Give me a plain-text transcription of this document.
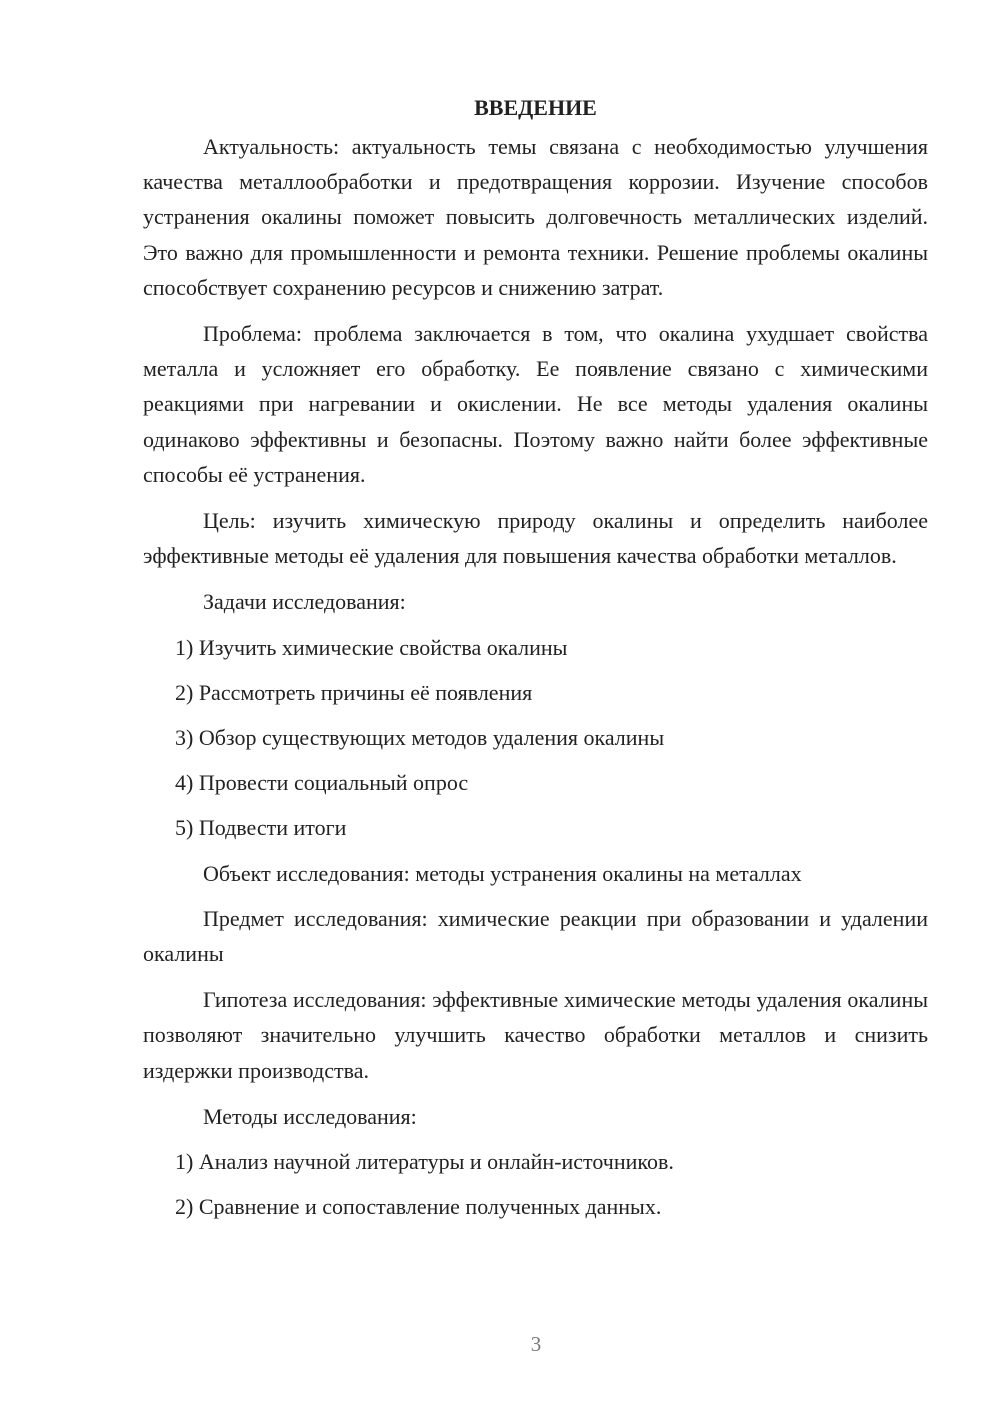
ВВЕДЕНИЕ

Актуальность: актуальность темы связана с необходимостью улучшения качества металлообработки и предотвращения коррозии. Изучение способов устранения окалины поможет повысить долговечность металлических изделий. Это важно для промышленности и ремонта техники. Решение проблемы окалины способствует сохранению ресурсов и снижению затрат.

Проблема: проблема заключается в том, что окалина ухудшает свойства металла и усложняет его обработку. Ее появление связано с химическими реакциями при нагревании и окислении. Не все методы удаления окалины одинаково эффективны и безопасны. Поэтому важно найти более эффективные способы её устранения.

Цель: изучить химическую природу окалины и определить наиболее эффективные методы её удаления для повышения качества обработки металлов.

Задачи исследования:
1) Изучить химические свойства окалины
2) Рассмотреть причины её появления
3) Обзор существующих методов удаления окалины
4) Провести социальный опрос
5) Подвести итоги
Объект исследования: методы устранения окалины на металлах

Предмет исследования: химические реакции при образовании и удалении окалины

Гипотеза исследования: эффективные химические методы удаления окалины позволяют значительно улучшить качество обработки металлов и снизить издержки производства.

Методы исследования:
1) Анализ научной литературы и онлайн-источников.
2) Сравнение и сопоставление полученных данных.
3
